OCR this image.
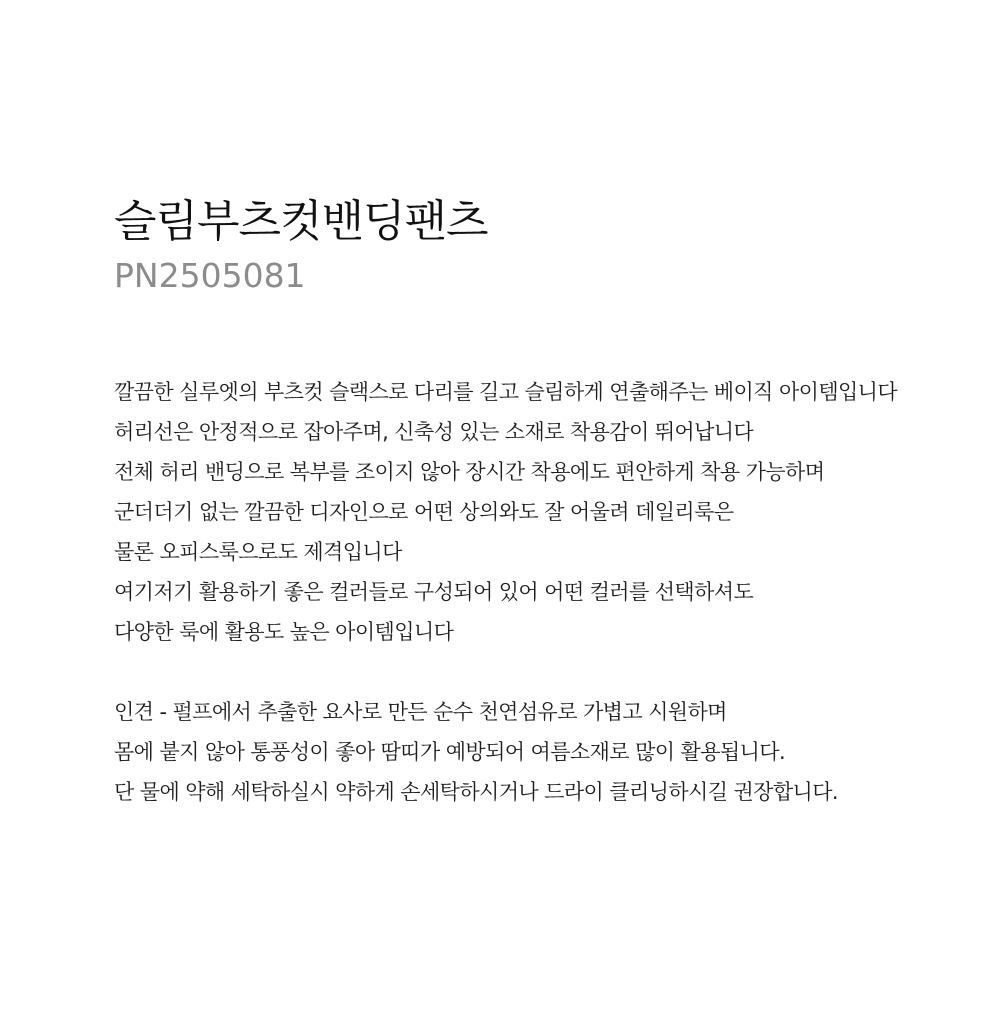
슬림부츠컷밴딩팬츠
PN2505081
깔끔한 실루엣의 부츠컷 슬랙스로 다리를 길고 슬림하게 연출해주는 베이직 아이템입니다
허리선은 안정적으로 잡아주며, 신축성 있는 소재로 착용감이 뛰어납니다
전체 허리 밴딩으로 복부를 조이지 않아 장시간 착용에도 편안하게 착용 가능하며
군더더기 없는 깔끔한 디자인으로 어떤 상의와도 잘 어울려 데일리룩은
물론 오피스룩으로도 제격입니다
여기저기 활용하기 좋은 컬러들로 구성되어 있어 어떤 컬러를 선택하셔도
다양한 룩에 활용도 높은 아이템입니다
인견 - 펄프에서 추출한 요사로 만든 순수 천연섬유로 가볍고 시원하며
몸에 붙지 않아 통풍성이 좋아 땀띠가 예방되어 여름소재로 많이 활용됩니다.
단 물에 약해 세탁하실시 약하게 손세탁하시거나 드라이 클리닝하시길 권장합니다.
